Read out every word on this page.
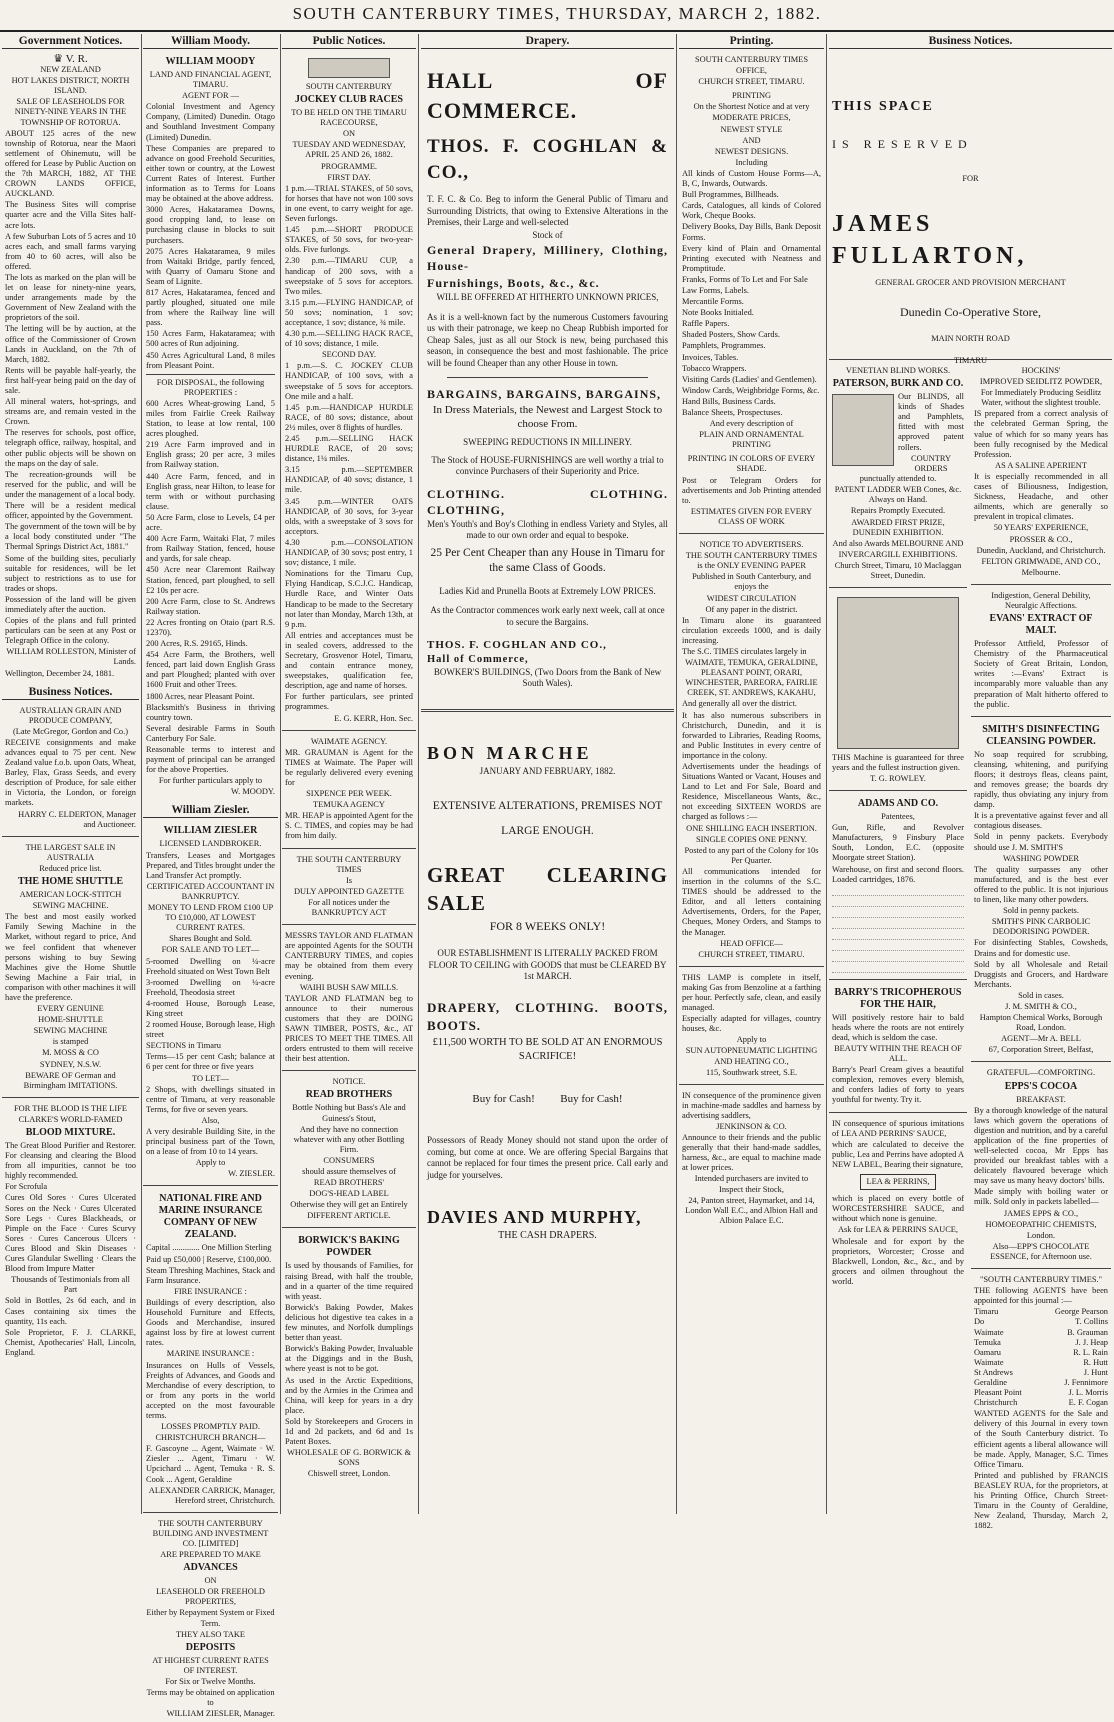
SOUTH CANTERBURY TIMES, THURSDAY, MARCH 2, 1882.
Government Notices.
♛ V. R.

NEW ZEALAND

HOT LAKES DISTRICT, NORTH ISLAND.

SALE OF LEASEHOLDS FOR NINETY-NINE YEARS IN THE TOWNSHIP OF ROTORUA.

ABOUT 125 acres of the new township of Rotorua, near the Maori settlement of Ohinemutu, will be offered for Lease by Public Auction on the 7th MARCH, 1882, AT THE CROWN LANDS OFFICE, AUCKLAND.

The Business Sites will comprise quarter acre and the Villa Sites half-acre lots.

A few Suburban Lots of 5 acres and 10 acres each, and small farms varying from 40 to 60 acres, will also be offered.

The lots as marked on the plan will be let on lease for ninety-nine years, under arrangements made by the Government of New Zealand with the proprietors of the soil.

The letting will be by auction, at the office of the Commissioner of Crown Lands in Auckland, on the 7th of March, 1882.

Rents will be payable half-yearly, the first half-year being paid on the day of sale.

All mineral waters, hot-springs, and streams are, and remain vested in the Crown.

The reserves for schools, post office, telegraph office, railway, hospital, and other public objects will be shown on the maps on the day of sale.

The recreation-grounds will be reserved for the public, and will be under the management of a local body.

There will be a resident medical officer, appointed by the Government.

The government of the town will be by a local body constituted under "The Thermal Springs District Act, 1881."

Some of the building sites, peculiarly suitable for residences, will be let subject to restrictions as to use for trades or shops.

Possession of the land will be given immediately after the auction.

Copies of the plans and full printed particulars can be seen at any Post or Telegraph Office in the colony.

WILLIAM ROLLESTON, Minister of Lands.

Wellington, December 24, 1881.

Business Notices.

AUSTRALIAN GRAIN AND PRODUCE COMPANY,

(Late McGregor, Gordon and Co.)

RECEIVE consignments and make advances equal to 75 per cent. New Zealand value f.o.b. upon Oats, Wheat, Barley, Flax, Grass Seeds, and every description of Produce, for sale either in Victoria, the London, or foreign markets.

HARRY C. ELDERTON, Manager and Auctioneer.

THE LARGEST SALE IN AUSTRALIA

Reduced price list.

THE HOME SHUTTLE

AMERICAN LOCK-STITCH

SEWING MACHINE.

The best and most easily worked Family Sewing Machine in the Market, without regard to price, And we feel confident that whenever persons wishing to buy Sewing Machines give the Home Shuttle Sewing Machine a Fair trial, in comparison with other machines it will have the preference.

EVERY GENUINE

HOME-SHUTTLE

SEWING MACHINE

is stamped

M. MOSS & CO

SYDNEY, N.S.W.

BEWARE OF German and Birmingham IMITATIONS.

FOR THE BLOOD IS THE LIFE

CLARKE'S WORLD-FAMED

BLOOD MIXTURE.

The Great Blood Purifier and Restorer. For cleansing and clearing the Blood from all impurities, cannot be too highly recommended.

For Scrofula

Cures Old Sores · Cures Ulcerated Sores on the Neck · Cures Ulcerated Sore Legs · Cures Blackheads, or Pimple on the Face · Cures Scurvy Sores · Cures Cancerous Ulcers · Cures Blood and Skin Diseases · Cures Glandular Swelling · Clears the Blood from Impure Matter

Thousands of Testimonials from all Part

Sold in Bottles, 2s 6d each, and in Cases containing six times the quantity, 11s each.

Sole Proprietor, F. J. CLARKE, Chemist, Apothecaries' Hall, Lincoln, England.

William Moody.

WILLIAM MOODY

LAND AND FINANCIAL AGENT, TIMARU.

AGENT FOR —

Colonial Investment and Agency Company, (Limited) Dunedin. Otago and Southland Investment Company (Limited) Dunedin.

These Companies are prepared to advance on good Freehold Securities, either town or country, at the Lowest Current Rates of Interest. Further information as to Terms for Loans may be obtained at the above address.

3000 Acres, Hakataramea Downs, good cropping land, to lease on purchasing clause in blocks to suit purchasers.

2075 Acres Hakataramea, 9 miles from Waitaki Bridge, partly fenced, with Quarry of Oamaru Stone and Seam of Lignite.

817 Acres, Hakataramea, fenced and partly ploughed, situated one mile from where the Railway line will pass.

150 Acres Farm, Hakataramea; with 500 acres of Run adjoining.

450 Acres Agricultural Land, 8 miles from Pleasant Point.

FOR DISPOSAL, the following PROPERTIES :

600 Acres Wheat-growing Land, 5 miles from Fairlie Creek Railway Station, to lease at low rental, 100 acres ploughed.

219 Acre Farm improved and in English grass; 20 per acre, 3 miles from Railway station.

440 Acre Farm, fenced, and in English grass, near Hilton, to lease for term with or without purchasing clause.

50 Acre Farm, close to Levels, £4 per acre.

400 Acre Farm, Waitaki Flat, 7 miles from Railway Station, fenced, house and yards, for sale cheap.

450 Acre near Claremont Railway Station, fenced, part ploughed, to sell £2 10s per acre.

200 Acre Farm, close to St. Andrews Railway station.

22 Acres fronting on Otaio (part R.S. 12370).

200 Acres, R.S. 29165, Hinds.

454 Acre Farm, the Brothers, well fenced, part laid down English Grass and part Ploughed; planted with over 1600 Fruit and other Trees.

1800 Acres, near Pleasant Point.

Blacksmith's Business in thriving country town.

Several desirable Farms in South Canterbury For Sale.

Reasonable terms to interest and payment of principal can be arranged for the above Properties.

For further particulars apply to

W. MOODY.

William Ziesler.

WILLIAM ZIESLER

LICENSED LANDBROKER.

Transfers, Leases and Mortgages Prepared, and Titles brought under the Land Transfer Act promptly.

CERTIFICATED ACCOUNTANT IN BANKRUPTCY.

MONEY TO LEND FROM £100 UP TO £10,000, AT LOWEST CURRENT RATES.

Shares Bought and Sold.

FOR SALE AND TO LET—

5-roomed Dwelling on ¼-acre Freehold situated on West Town Belt

3-roomed Dwelling on ¼-acre Freehold, Theodosia street

4-roomed House, Borough Lease, King street

2 roomed House, Borough lease, High street

SECTIONS in Timaru

Terms—15 per cent Cash; balance at 6 per cent for three or five years

TO LET—

2 Shops, with dwellings situated in centre of Timaru, at very reasonable Terms, for five or seven years.

Also,

A very desirable Building Site, in the principal business part of the Town, on a lease of from 10 to 14 years.

Apply to

W. ZIESLER.

NATIONAL FIRE AND MARINE INSURANCE COMPANY OF NEW ZEALAND.

Capital ............. One Million Sterling

Paid up £50,000 | Reserve, £100,000.

Steam Threshing Machines, Stack and Farm Insurance.

FIRE INSURANCE :

Buildings of every description, also Household Furniture and Effects, Goods and Merchandise, insured against loss by fire at lowest current rates.

MARINE INSURANCE :

Insurances on Hulls of Vessels, Freights of Advances, and Goods and Merchandise of every description, to or from any ports in the world accepted on the most favourable terms.

LOSSES PROMPTLY PAID.

CHRISTCHURCH BRANCH—

F. Gascoyne ... Agent, Waimate · W. Ziesler ... Agent, Timaru · W. Upcichard ... Agent, Temuka · R. S. Cook ... Agent, Geraldine

ALEXANDER CARRICK, Manager, Hereford street, Christchurch.

THE SOUTH CANTERBURY BUILDING AND INVESTMENT CO. [LIMITED]

ARE PREPARED TO MAKE

ADVANCES

ON

LEASEHOLD OR FREEHOLD PROPERTIES,

Either by Repayment System or Fixed Term.

THEY ALSO TAKE

DEPOSITS

AT HIGHEST CURRENT RATES OF INTEREST.

For Six or Twelve Months.

Terms may be obtained on application to

WILLIAM ZIESLER, Manager.

Public Notices.

SOUTH CANTERBURY

JOCKEY CLUB RACES

TO BE HELD ON THE TIMARU RACECOURSE,

ON

TUESDAY AND WEDNESDAY, APRIL 25 AND 26, 1882.

PROGRAMME.

FIRST DAY.

1 p.m.—TRIAL STAKES, of 50 sovs, for horses that have not won 100 sovs in one event, to carry weight for age. Seven furlongs.

1.45 p.m.—SHORT PRODUCE STAKES, of 50 sovs, for two-year-olds. Five furlongs.

2.30 p.m.—TIMARU CUP, a handicap of 200 sovs, with a sweepstake of 5 sovs for acceptors. Two miles.

3.15 p.m.—FLYING HANDICAP, of 50 sovs; nomination, 1 sov; acceptance, 1 sov; distance, ¾ mile.

4.30 p.m.—SELLING HACK RACE, of 10 sovs; distance, 1 mile.

SECOND DAY.

1 p.m.—S. C. JOCKEY CLUB HANDICAP, of 100 sovs, with a sweepstake of 5 sovs for acceptors. One mile and a half.

1.45 p.m.—HANDICAP HURDLE RACE, of 80 sovs; distance, about 2½ miles, over 8 flights of hurdles.

2.45 p.m.—SELLING HACK HURDLE RACE, of 20 sovs; distance, 1¼ miles.

3.15 p.m.—SEPTEMBER HANDICAP, of 40 sovs; distance, 1 mile.

3.45 p.m.—WINTER OATS HANDICAP, of 30 sovs, for 3-year olds, with a sweepstake of 3 sovs for acceptors.

4.30 p.m.—CONSOLATION HANDICAP, of 30 sovs; post entry, 1 sov; distance, 1 mile.

Nominations for the Timaru Cup, Flying Handicap, S.C.J.C. Handicap, Hurdle Race, and Winter Oats Handicap to be made to the Secretary not later than Monday, March 13th, at 9 p.m.

All entries and acceptances must be in sealed covers, addressed to the Secretary, Grosvenor Hotel, Timaru, and contain entrance money, sweepstakes, qualification fee, description, age and name of horses.

For further particulars, see printed programmes.

E. G. KERR, Hon. Sec.

WAIMATE AGENCY.

MR. GRAUMAN is Agent for the TIMES at Waimate. The Paper will be regularly delivered every evening for

SIXPENCE PER WEEK.

TEMUKA AGENCY

MR. HEAP is appointed Agent for the S. C. TIMES, and copies may be had from him daily.

THE SOUTH CANTERBURY TIMES

Is

DULY APPOINTED GAZETTE

For all notices under the BANKRUPTCY ACT

MESSRS TAYLOR AND FLATMAN are appointed Agents for the SOUTH CANTERBURY TIMES, and copies may be obtained from them every evening.

WAIHI BUSH SAW MILLS.

TAYLOR AND FLATMAN beg to announce to their numerous customers that they are DOING SAWN TIMBER, POSTS, &c., AT PRICES TO MEET THE TIMES. All orders entrusted to them will receive their best attention.

NOTICE.

READ BROTHERS

Bottle Nothing but Bass's Ale and Guiness's Stout,

And they have no connection whatever with any other Bottling Firm.

CONSUMERS

should assure themselves of

READ BROTHERS'

DOG'S-HEAD LABEL

Otherwise they will get an Entirely

DIFFERENT ARTICLE.

BORWICK'S BAKING POWDER

Is used by thousands of Families, for raising Bread, with half the trouble, and in a quarter of the time required with yeast.

Borwick's Baking Powder, Makes delicious hot digestive tea cakes in a few minutes, and Norfolk dumplings better than yeast.

Borwick's Baking Powder, Invaluable at the Diggings and in the Bush, where yeast is not to be got.

As used in the Arctic Expeditions, and by the Armies in the Crimea and China, will keep for years in a dry place.

Sold by Storekeepers and Grocers in 1d and 2d packets, and 6d and 1s Patent Boxes.

WHOLESALE OF G. BORWICK & SONS

Chiswell street, London.

Drapery.

HALL OF COMMERCE.

THOS. F. COGHLAN & CO.,

T. F. C. & Co. Beg to inform the General Public of Timaru and Surrounding Districts, that owing to Extensive Alterations in the Premises, their Large and well-selected

Stock of

General Drapery, Millinery, Clothing, House-

Furnishings, Boots, &c., &c.

WILL BE OFFERED AT HITHERTO UNKNOWN PRICES,

As it is a well-known fact by the numerous Customers favouring us with their patronage, we keep no Cheap Rubbish imported for Cheap Sales, just as all our Stock is new, being purchased this season, in consequence the best and most fashionable. The price will be found Cheaper than any other House in town.

BARGAINS, BARGAINS, BARGAINS,

In Dress Materials, the Newest and Largest Stock to choose From.

SWEEPING REDUCTIONS IN MILLINERY.

The Stock of HOUSE-FURNISHINGS are well worthy a trial to convince Purchasers of their Superiority and Price.

CLOTHING. CLOTHING. CLOTHING,

Men's Youth's and Boy's Clothing in endless Variety and Styles, all made to our own order and equal to bespoke.

25 Per Cent Cheaper than any House in Timaru for the same Class of Goods.

Ladies Kid and Prunella Boots at Extremely LOW PRICES.

As the Contractor commences work early next week, call at once to secure the Bargains.

THOS. F. COGHLAN AND CO.,

Hall of Commerce,

BOWKER'S BUILDINGS, (Two Doors from the Bank of New South Wales).

BON MARCHE

JANUARY AND FEBRUARY, 1882.

EXTENSIVE ALTERATIONS, PREMISES NOT

LARGE ENOUGH.

GREAT CLEARING SALE

FOR 8 WEEKS ONLY!

OUR ESTABLISHMENT IS LITERALLY PACKED FROM FLOOR TO CEILING with GOODS that must be CLEARED BY 1st MARCH.

DRAPERY, CLOTHING. BOOTS, BOOTS.

£11,500 WORTH TO BE SOLD AT AN ENORMOUS SACRIFICE!

Buy for Cash! Buy for Cash!

Possessors of Ready Money should not stand upon the order of coming, but come at once. We are offering Special Bargains that cannot be replaced for four times the present price. Call early and judge for yourselves.

DAVIES AND MURPHY,

THE CASH DRAPERS.

Printing.

SOUTH CANTERBURY TIMES

OFFICE,

CHURCH STREET, TIMARU.

PRINTING

On the Shortest Notice and at very

MODERATE PRICES,

NEWEST STYLE

AND

NEWEST DESIGNS.

Including

All kinds of Custom House Forms—A, B, C, Inwards, Outwards.

Bull Programmes, Billheads.

Cards, Catalogues, all kinds of Colored Work, Cheque Books.

Delivery Books, Day Bills, Bank Deposit Forms.

Every kind of Plain and Ornamental Printing executed with Neatness and Promptitude.

Franks, Forms of To Let and For Sale

Law Forms, Labels.

Mercantile Forms.

Note Books Initialed.

Raffle Papers.

Shaded Posters, Show Cards.

Pamphlets, Programmes.

Invoices, Tables.

Tobacco Wrappers.

Visiting Cards (Ladies' and Gentlemen).

Window Cards, Weighbridge Forms, &c.

Hand Bills, Business Cards.

Balance Sheets, Prospectuses.

And every description of

PLAIN AND ORNAMENTAL PRINTING

PRINTING IN COLORS OF EVERY SHADE.

Post or Telegram Orders for advertisements and Job Printing attended to.

ESTIMATES GIVEN FOR EVERY CLASS OF WORK

NOTICE TO ADVERTISERS.

THE SOUTH CANTERBURY TIMES is the ONLY EVENING PAPER

Published in South Canterbury, and enjoys the

WIDEST CIRCULATION

Of any paper in the district.

In Timaru alone its guaranteed circulation exceeds 1000, and is daily increasing.

The S.C. TIMES circulates largely in

WAIMATE, TEMUKA, GERALDINE, PLEASANT POINT, ORARI, WINCHESTER, PAREORA, FAIRLIE CREEK, ST. ANDREWS, KAKAHU,

And generally all over the district.

It has also numerous subscribers in Christchurch, Dunedin, and it is forwarded to Libraries, Reading Rooms, and Public Institutes in every centre of importance in the colony.

Advertisements under the headings of Situations Wanted or Vacant, Houses and Land to Let and For Sale, Board and Residence, Miscellaneous Wants, &c., not exceeding SIXTEEN WORDS are charged as follows :—

ONE SHILLING EACH INSERTION.

SINGLE COPIES ONE PENNY.

Posted to any part of the Colony for 10s Per Quarter.

All communications intended for insertion in the columns of the S.C. TIMES should be addressed to the Editor, and all letters containing Advertisements, Orders, for the Paper, Cheques, Money Orders, and Stamps to the Manager.

HEAD OFFICE—

CHURCH STREET, TIMARU.

THIS LAMP is complete in itself, making Gas from Benzoline at a farthing per hour. Perfectly safe, clean, and easily managed.

Especially adapted for villages, country houses, &c.

Apply to

SUN AUTOPNEUMATIC LIGHTING AND HEATING CO.,

115, Southwark street, S.E.

IN consequence of the prominence given in machine-made saddles and harness by advertising saddlers,

JENKINSON & CO.

Announce to their friends and the public generally that their hand-made saddles, harness, &c., are equal to machine made at lower prices.

Intended purchasers are invited to Inspect their Stock,

24, Panton street, Haymarket, and 14, London Wall E.C., and Albion Hall and Albion Palace E.C.

Business Notices.

THIS SPACE

IS RESERVED

FOR

JAMES FULLARTON,

GENERAL GROCER AND PROVISION MERCHANT

Dunedin Co-Operative Store,

MAIN NORTH ROAD

TIMARU

VENETIAN BLIND WORKS.

PATERSON, BURK AND CO.

Our BLINDS, all kinds of Shades and Pamphlets, fitted with most approved patent rollers.

COUNTRY ORDERS punctually attended to.

PATENT LADDER WEB Cones, &c. Always on Hand.

Repairs Promptly Executed.

AWARDED FIRST PRIZE, DUNEDIN EXHIBITION.

And also Awards MELBOURNE AND INVERCARGILL EXHIBITIONS.

Church Street, Timaru, 10 Maclaggan Street, Dunedin.

THIS Machine is guaranteed for three years and the fullest instruction given.

T. G. ROWLEY.

ADAMS AND CO.

Patentees,

Gun, Rifle, and Revolver Manufacturers, 9 Finsbury Place South, London, E.C. (opposite Moorgate street Station).

Warehouse, on first and second floors. Loaded cartridges, 1876.

BARRY'S TRICOPHEROUS FOR THE HAIR,

Will positively restore hair to bald heads where the roots are not entirely dead, which is seldom the case.

BEAUTY WITHIN THE REACH OF ALL.

Barry's Pearl Cream gives a beautiful complexion, removes every blemish, and confers ladies of forty to years youthful for twenty. Try it.

IN consequence of spurious imitations of LEA AND PERRINS' SAUCE,

which are calculated to deceive the public, Lea and Perrins have adopted A NEW LABEL, Bearing their signature,

LEA & PERRINS,

which is placed on every bottle of WORCESTERSHIRE SAUCE, and without which none is genuine.

Ask for LEA & PERRINS SAUCE,

Wholesale and for export by the proprietors, Worcester; Crosse and Blackwell, London, &c., &c., and by grocers and oilmen throughout the world.

HOCKINS'

IMPROVED SEIDLITZ POWDER,

For Immediately Producing Seidlitz Water, without the slightest trouble.

IS prepared from a correct analysis of the celebrated German Spring, the value of which for so many years has been fully recognised by the Medical Profession.

AS A SALINE APERIENT

It is especially recommended in all cases of Biliousness, Indigestion, Sickness, Headache, and other ailments, which are generally so prevalent in tropical climates.

50 YEARS' EXPERIENCE,

PROSSER & CO.,

Dunedin, Auckland, and Christchurch.

FELTON GRIMWADE, AND CO.,

Melbourne.

Indigestion, General Debility, Neuralgic Affections.

EVANS' EXTRACT OF MALT.

Professor Attfield, Professor of Chemistry of the Pharmaceutical Society of Great Britain, London, writes :—Evans' Extract is incomparably more valuable than any preparation of Malt hitherto offered to the public.

SMITH'S DISINFECTING CLEANSING POWDER.

No soap required for scrubbing, cleansing, whitening, and purifying floors; it destroys fleas, cleans paint, and removes grease; the boards dry rapidly, thus obviating any injury from damp.

It is a preventative against fever and all contagious diseases.

Sold in penny packets. Everybody should use J. M. SMITH'S

WASHING POWDER

The quality surpasses any other manufactured, and is the best ever offered to the public. It is not injurious to linen, like many other powders.

Sold in penny packets.

SMITH'S PINK CARBOLIC DEODORISING POWDER.

For disinfecting Stables, Cowsheds, Drains and for domestic use.

Sold by all Wholesale and Retail Druggists and Grocers, and Hardware Merchants.

Sold in cases.

J. M. SMITH & CO.,

Hampton Chemical Works, Borough Road, London.

AGENT—Mr A. BELL

67, Corporation Street, Belfast,

GRATEFUL—COMFORTING.

EPPS'S COCOA

BREAKFAST.

By a thorough knowledge of the natural laws which govern the operations of digestion and nutrition, and by a careful application of the fine properties of well-selected cocoa, Mr Epps has provided our breakfast tables with a delicately flavoured beverage which may save us many heavy doctors' bills.

Made simply with boiling water or milk. Sold only in packets labelled—

JAMES EPPS & CO.,

HOMOEOPATHIC CHEMISTS,

London.

Also—EPP'S CHOCOLATE ESSENCE, for Afternoon use.

"SOUTH CANTERBURY TIMES."

THE following AGENTS have been appointed for this journal :—

Timaru	George Pearson
Do	T. Collins
Waimate	B. Grauman
Temuka	J. J. Heap
Oamaru	R. L. Rain
Waimate	R. Hutt
St Andrews	J. Hunt
Geraldine	J. Fennimore
Pleasant Point	J. L. Morris
Christchurch	E. F. Cogan

WANTED AGENTS for the Sale and delivery of this Journal in every town of the South Canterbury district. To efficient agents a liberal allowance will be made. Apply, Manager, S.C. Times Office Timaru.

Printed and published by FRANCIS BEASLEY RUA, for the proprietors, at his Printing Office, Church Street-Timaru in the County of Geraldine, New Zealand, Thursday, March 2, 1882.
